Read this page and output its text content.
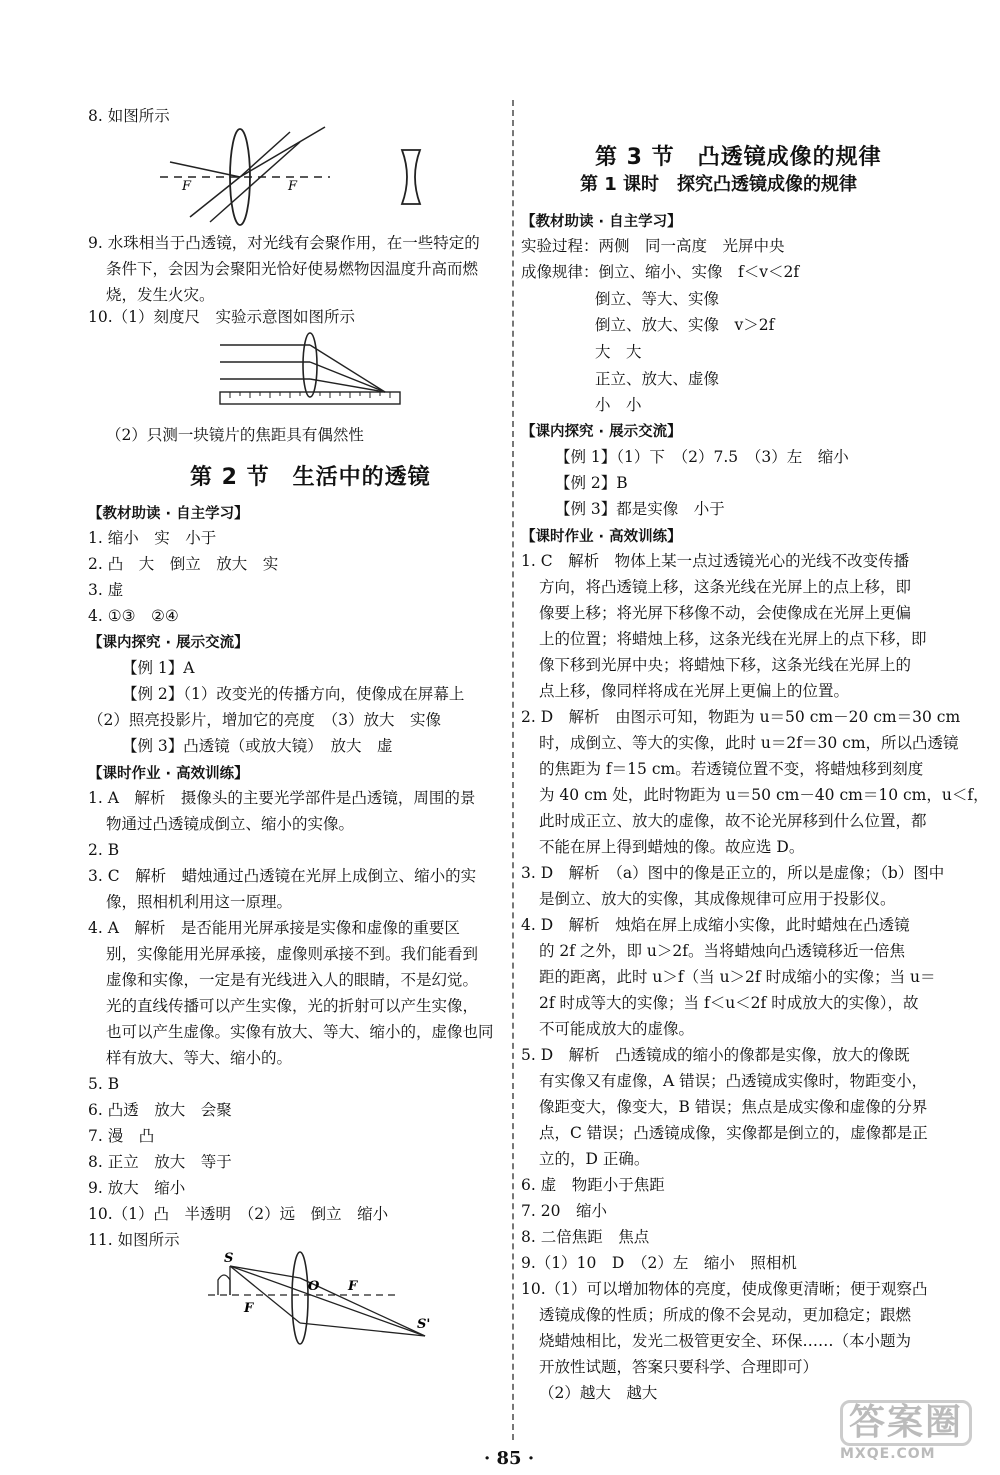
8. 如图所示
F	F
9. 水珠相当于凸透镜，对光线有会聚作用，在一些特定的
条件下，会因为会聚阳光恰好使易燃物因温度升高而燃
烧，发生火灾。
10.（1）刻度尺　实验示意图如图所示
（2）只测一块镜片的焦距具有偶然性
第 2 节　生活中的透镜
【教材助读 · 自主学习】
1. 缩小　实　小于
2. 凸　大　倒立　放大　实
3. 虚
4. ①③　②④
【课内探究 · 展示交流】
【例 1】A
【例 2】（1）改变光的传播方向，使像成在屏幕上
（2）照亮投影片，增加它的亮度　（3）放大　实像
【例 3】凸透镜（或放大镜）　放大　虚
【课时作业 · 高效训练】
1. A　解析　摄像头的主要光学部件是凸透镜，周围的景
物通过凸透镜成倒立、缩小的实像。
2. B
3. C　解析　蜡烛通过凸透镜在光屏上成倒立、缩小的实
像，照相机利用这一原理。
4. A　解析　是否能用光屏承接是实像和虚像的重要区
别，实像能用光屏承接，虚像则承接不到。我们能看到
虚像和实像，一定是有光线进入人的眼睛，不是幻觉。
光的直线传播可以产生实像，光的折射可以产生实像，
也可以产生虚像。实像有放大、等大、缩小的，虚像也同
样有放大、等大、缩小的。
5. B
6. 凸透　放大　会聚
7. 漫　凸
8. 正立　放大　等于
9. 放大　缩小
10.（1）凸　半透明　（2）远　倒立　缩小
11. 如图所示
S
O F
F
S'
第 3 节　凸透镜成像的规律
第 1 课时　探究凸透镜成像的规律
【教材助读 · 自主学习】
实验过程：两侧　同一高度　光屏中央
成像规律：倒立、缩小、实像　f＜v＜2f
倒立、等大、实像
倒立、放大、实像　v＞2f
大　大
正立、放大、虚像
小　小
【课内探究 · 展示交流】
【例 1】（1）下　（2）7.5　（3）左　缩小
【例 2】B
【例 3】都是实像　小于
【课时作业 · 高效训练】
1. C　解析　物体上某一点过透镜光心的光线不改变传播
方向，将凸透镜上移，这条光线在光屏上的点上移，即
像要上移；将光屏下移像不动，会使像成在光屏上更偏
上的位置；将蜡烛上移，这条光线在光屏上的点下移，即
像下移到光屏中央；将蜡烛下移，这条光线在光屏上的
点上移，像同样将成在光屏上更偏上的位置。
2. D　解析　由图示可知，物距为 u＝50 cm－20 cm＝30 cm
时，成倒立、等大的实像，此时 u＝2f＝30 cm，所以凸透镜
的焦距为 f＝15 cm。若透镜位置不变，将蜡烛移到刻度
为 40 cm 处，此时物距为 u＝50 cm－40 cm＝10 cm，u＜f，
此时成正立、放大的虚像，故不论光屏移到什么位置，都
不能在屏上得到蜡烛的像。故应选 D。
3. D　解析　（a）图中的像是正立的，所以是虚像；（b）图中
是倒立、放大的实像，其成像规律可应用于投影仪。
4. D　解析　烛焰在屏上成缩小实像，此时蜡烛在凸透镜
的 2f 之外，即 u＞2f。当将蜡烛向凸透镜移近一倍焦
距的距离，此时 u＞f（当 u＞2f 时成缩小的实像；当 u＝
2f 时成等大的实像；当 f＜u＜2f 时成放大的实像），故
不可能成放大的虚像。
5. D　解析　凸透镜成的缩小的像都是实像，放大的像既
有实像又有虚像，A 错误；凸透镜成实像时，物距变小，
像距变大，像变大，B 错误；焦点是成实像和虚像的分界
点，C 错误；凸透镜成像，实像都是倒立的，虚像都是正
立的，D 正确。
6. 虚　物距小于焦距
7. 20　缩小
8. 二倍焦距　焦点
9.（1）10　D　（2）左　缩小　照相机
10.（1）可以增加物体的亮度，使成像更清晰；便于观察凸
透镜成像的性质；所成的像不会晃动，更加稳定；跟燃
烧蜡烛相比，发光二极管更安全、环保……（本小题为
开放性试题，答案只要科学、合理即可）
（2）越大　越大
· 85 ·
答案圈
MXQE.COM
